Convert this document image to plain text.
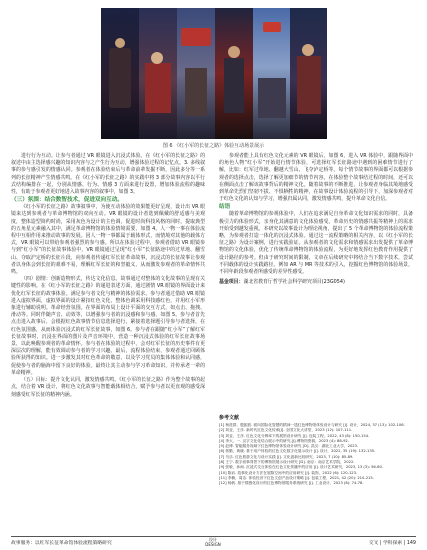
图 6 《红小军的长征之路》体验互动场景展示

进行行为互动。让参与者通过 VR 眼镜进入沉浸式体验。在《红小军的长征之路》的叙述中由主选择感兴趣的知识内容与之产生行为互动，增强体验过程的记忆点。3. 多线叙事的参与感引发的情感认同。参观者在体验结束后与革命前辈发掘不断，因此多分等一系列的长征精神产生情感共鸣。在《红小军的长征之路》的实践中将 3 部分故事内容以平行式结构编排在一起，分别从情感、行为、情感 3 方面来进行设置，增加体验流程的趣味性，有助于参观者更好地进入故事内容的叙事中，如图 3。

（三）氛围：结合数智技术，促进双向互动。

《红小军的长征之路》故事叙事中，为使互动体验的效果能更好呈现，设计出 VR 眼镜来达到参观者与革命博物馆的双向互动。VR 眼镜的设计者选到佩戴的舒适感与美观度，整体造型简约时尚，采用灰色为设计的主色调，促进时尚科技风格的同时，提取典型的五角星元素融入其中，满足革命博物馆的体验情境需要，如图 4。人一物一事在体验流程中互相作用来推动故事的发展。因人一物一事都属于载体形式，而情境对其他的载体方式，VR 眼镜可以带给参观者强烈的参与感。所以在体验过程中，参观者借助 VR 眼镜参与到“红小军”的长征故事体验中，VR 眼镜通过呈现“红小军”长征路途中的过草地、翻雪山、夺取沪定桥的长征片段，向参观者传递红军长征革命故事。沉浸式的长征故事让参观者以身体会到长征的艰难不易，理解红军长征的和坚毅义，从而激发参观者的革命情怀共鸣。

（四）剧情：创新造物形式，传达文化信息。故事通过对整体的文化故事的呈现有关键性的影响。在《红小军的长征之路》的递进表述方面，通过剧情 VR 眼镜的界面设计来优化红军长征的故事体验。满足参与者文化与精神的体验需求。参与者通过借助 VR 眼镜进入虚拟界面，虚拟界面的设计紧扣红色文化，整体色调采用科技感红色，并用红小军形象进行辅助说明。革命经营氛围。在界面的布局上设计平面的交互方式，如点击、拖拽、滑动等。同时伴随声音、动效等，以增强参与者的沉浸感和参与感，如图 5。参与者首先点击进入故事后，会根据红色故事情节信息选择进行，紧接着选择题引导参与者选择，在红色氛围感，从而体验沉浸式的红军长征故事，如图 6。参与者在跟随“红小军”了解红军长征故事时，沉浸在界面的图片及声音环境中，营造一种沉浸式体验的红军长征故事场景，以此唤醒参观者的革命情怀。参与者在体验的过程中，会对红军长征的历史事件有更深层次的理解，能有效调动参与者的学习兴趣。最后，流程体验结束，参观者通过回顾体验所获得的知识。进一步激发其对红色革命的敬意，以及学习党员的集体体验和认同感，促使参与者的脑海中留下良好的体验。最终让其主动参与学习革命知识，并传承老一辈的革命精神。

（五）目标：提升文化认同，激发情感共鸣。《红小军的长征之路》作为整个故事的起点，结合着 VR 设计，将红色文化故事与智能载体相结合，赋予参与者以更直观的感受深刻感受红军长征的精神内涵。

参观者能上具有红色文化元素的 VR 眼镜后，如图 6，进入 VR 体验中，跟随界面中的角色人物“红小军”开始进行情节体验，可选择红军长征路途中遇到的困难情节进行了解，比如：红军过草地、翻越大雪山、飞夺泸定桥等。每个情节故事的界面都可以根据参观者的选择点击，选择了解更加细节的情节内容。在体验整个故事结过程的时间，还可以在侧面点击了解该故事背后的精神文化。随着故事的不断推进，让参观者身临其境地感受到革命先烈们坚韧不拔、不惧牺牲的精神，在故事设计体验流程的引导下，加深参观者对于红色文化的认知与学习，增强归属认同，激发情感共鸣，提升革命文化自信。

结语

随着革命博物馆的参观体验中，人们在追求满足自身革命文化知识需求的同时，具备极引力的体验形式，亲身化其满意的文化体验感受。革命历史的情感共振等精神上的需求开始受到越发重视。本研究以故事设计为理论视角，提出了 5 个革命博物馆的体验流程策略，为参观者打造一体化的沉浸式体验。通过这一流程策略的相关内容，以《红小军的长征之路》为设计案例，进行实践验证。从参观者的文化需求和情感需求出发提供了革命博物馆的文化体验，优化了传统革命博物馆的体验流程，为更好地发挥红色教育作用提供了设计路径的参考。但由于研究时间的限制，文章在后续研究中将结合当下数字技术，尝试不同载体的设计实践路径。例如 AR 与 MR 等技术的引入，挖掘红色博物馆的体验场景，不同年龄段参观者所感受的差异性感受。

基金项目：湖北省教育厅哲学社会科学研究项目(23G054)

参考文献
[1] 杨进群，殷振波. 面向国际化智慧的精神一遗红色博物馆体验设计与研究 [J]. 设计，2024, 37 (13): 102-106.
[2] 刘亚，王彦. 新时代红色文化传承[J]. 全国文化大讲堂，2023 (12): 107-111.
[3] 刘亚，王彦. 红色文化分辨率下的展馆设计研究 [J]. 包装工程，2022, 43 (8): 150-154.
[4] 李大，一. 汉字文化化结合展示中的研究.[J].博物馆资源，2023 (4): 88-92.
[5] 赵博. 智能服务视域下红色博物馆体验设计研究 [D]. 武汉：湖北工业大学，2023.
[6] 郭勤，黄晓. 基于用户体验的红色文化数字化展示设计 [J]. 设计，2022, 35 (19): 132-135.
[7] 马乐. 红色旅游文化与设计实践 [J]. 文化创新比较研究，2023, 7 (10): 85-89.
[8] 王宁. 数字叙事背景下的博物馆展示设计研究 [D]. 南京：南京艺术学院，2022.
[9] 张敏，孙雨. 沉浸式交互体验在红色文化传播中的应用 [J]. 设计艺术研究，2023, 13 (3): 56-60.
[10] 陈岩. 故事化设计方法在展陈空间中的应用研究 [J]. 装饰，2022 (6): 120-123.
[11] 李楠，周洁. 体验经济下红色文创产品设计策略 [J]. 包装工程，2021, 42 (20): 210-215.
[12] 杨帆. 基于情感化设计的红色博物馆服务系统研究 [J]. 工业设计，2023 (8): 74-76.
故事服务：以红军长征革命馆体验流程策略研究
设计
DESIGN	交叉 | 学科探索 | 149
